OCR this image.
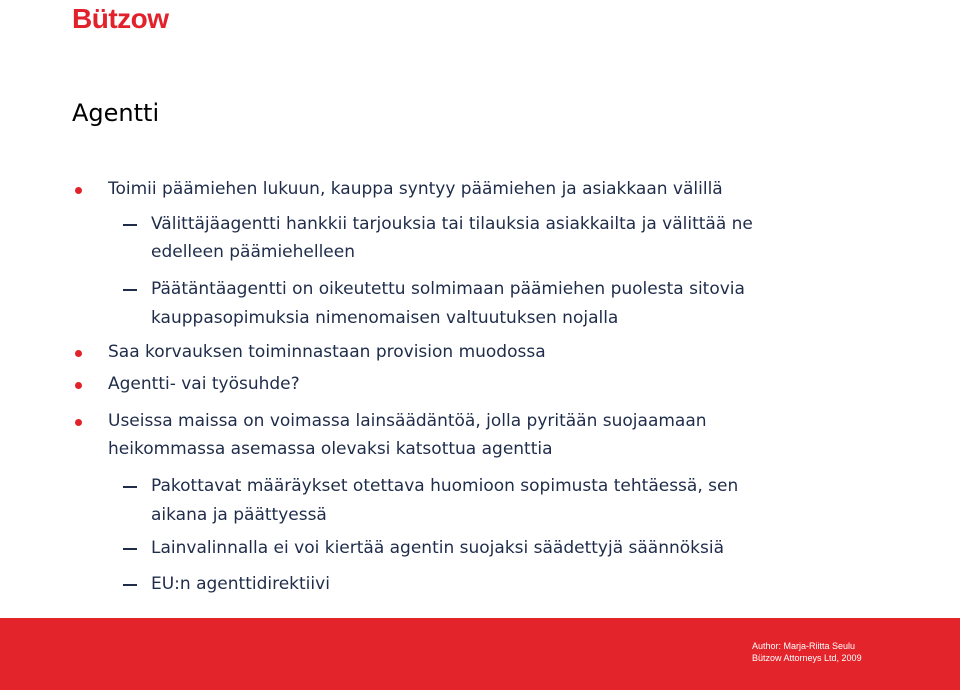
Bützow
Agentti

Toimii päämiehen lukuun, kauppa syntyy päämiehen ja asiakkaan välillä

Välittäjäagentti hankkii tarjouksia tai tilauksia asiakkailta ja välittää ne

edelleen päämiehelleen

Päätäntäagentti on oikeutettu solmimaan päämiehen puolesta sitovia

kauppasopimuksia nimenomaisen valtuutuksen nojalla

Saa korvauksen toiminnastaan provision muodossa

Agentti- vai työsuhde?

Useissa maissa on voimassa lainsäädäntöä, jolla pyritään suojaamaan

heikommassa asemassa olevaksi katsottua agenttia

Pakottavat määräykset otettava huomioon sopimusta tehtäessä, sen

aikana ja päättyessä

Lainvalinnalla ei voi kiertää agentin suojaksi säädettyjä säännöksiä

EU:n agenttidirektiivi

Author: Marja-Riitta Seulu
Bützow Attorneys Ltd, 2009
